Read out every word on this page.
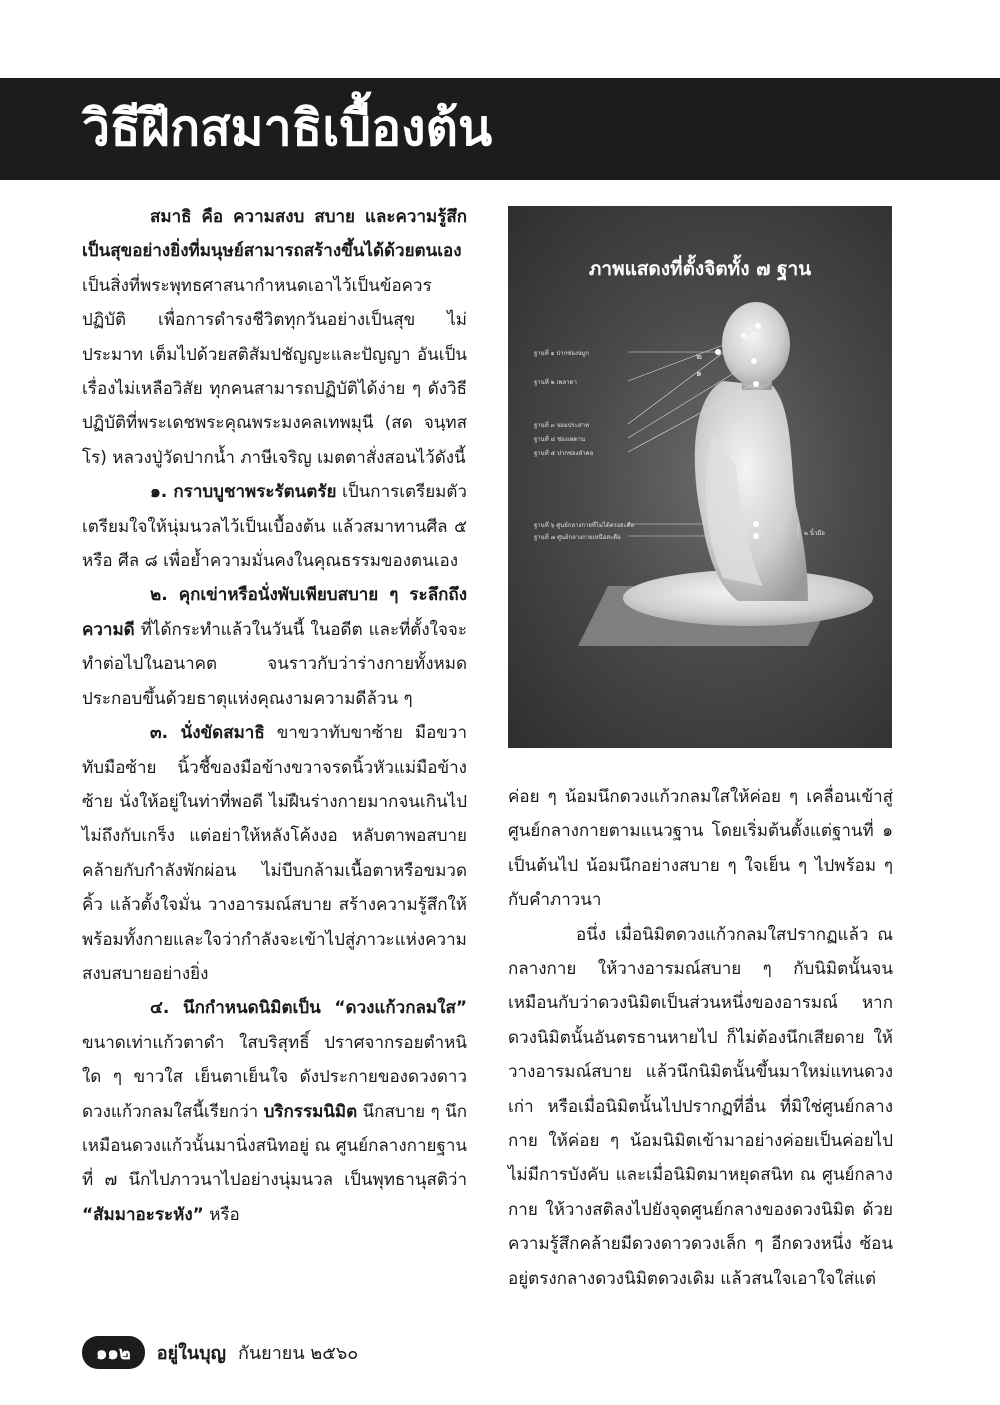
วิธีฝึกสมาธิเบื้องต้น

สมาธิ คือ ความสงบ สบาย และความรู้สึกเป็นสุขอย่างยิ่งที่มนุษย์สามารถสร้างขึ้นได้ด้วยตนเอง เป็นสิ่งที่พระพุทธศาสนากำหนดเอาไว้เป็นข้อควรปฏิบัติ เพื่อการดำรงชีวิตทุกวันอย่างเป็นสุข ไม่ประมาท เต็มไปด้วยสติสัมปชัญญะและปัญญา อันเป็นเรื่องไม่เหลือวิสัย ทุกคนสามารถปฏิบัติได้ง่าย ๆ ดังวิธีปฏิบัติที่พระเดชพระคุณพระมงคลเทพมุนี (สด จนฺทสโร) หลวงปู่วัดปากน้ำ ภาษีเจริญ เมตตาสั่งสอนไว้ดังนี้

๑. กราบบูชาพระรัตนตรัย เป็นการเตรียมตัวเตรียมใจให้นุ่มนวลไว้เป็นเบื้องต้น แล้วสมาทานศีล ๕ หรือ ศีล ๘ เพื่อย้ำความมั่นคงในคุณธรรมของตนเอง

๒. คุกเข่าหรือนั่งพับเพียบสบาย ๆ ระลึกถึงความดี ที่ได้กระทำแล้วในวันนี้ ในอดีต และที่ตั้งใจจะทำต่อไปในอนาคต จนราวกับว่าร่างกายทั้งหมดประกอบขึ้นด้วยธาตุแห่งคุณงามความดีล้วน ๆ

๓. นั่งขัดสมาธิ ขาขวาทับขาซ้าย มือขวาทับมือซ้าย นิ้วชี้ของมือข้างขวาจรดนิ้วหัวแม่มือข้างซ้าย นั่งให้อยู่ในท่าที่พอดี ไม่ฝืนร่างกายมากจนเกินไป ไม่ถึงกับเกร็ง แต่อย่าให้หลังโค้งงอ หลับตาพอสบายคล้ายกับกำลังพักผ่อน ไม่บีบกล้ามเนื้อตาหรือขมวดคิ้ว แล้วตั้งใจมั่น วางอารมณ์สบาย สร้างความรู้สึกให้พร้อมทั้งกายและใจว่ากำลังจะเข้าไปสู่ภาวะแห่งความสงบสบายอย่างยิ่ง

๔. นึกกำหนดนิมิตเป็น “ดวงแก้วกลมใส” ขนาดเท่าแก้วตาดำ ใสบริสุทธิ์ ปราศจากรอยตำหนิใด ๆ ขาวใส เย็นตาเย็นใจ ดังประกายของดวงดาว ดวงแก้วกลมใสนี้เรียกว่า บริกรรมนิมิต นึกสบาย ๆ นึกเหมือนดวงแก้วนั้นมานิ่งสนิทอยู่ ณ ศูนย์กลางกายฐานที่ ๗ นึกไปภาวนาไปอย่างนุ่มนวล เป็นพุทธานุสติว่า “สัมมาอะระหัง” หรือ

ภาพแสดงที่ตั้งจิตทั้ง ๗ ฐาน
ฐานที่ ๑ ปากช่องจมูก
ฐานที่ ๒ เพลาตา
ฐานที่ ๓ จอมประสาท
ฐานที่ ๔ ช่องเพดาน
ฐานที่ ๕ ปากช่องลำคอ
ฐานที่ ๖ ศูนย์กลางกายที่ไม่ได้ตรงสะดือ
ฐานที่ ๗ ศูนย์กลางกายเหนือสะดือ
๒ นิ้วมือ
๒
๑

ค่อย ๆ น้อมนึกดวงแก้วกลมใสให้ค่อย ๆ เคลื่อนเข้าสู่ศูนย์กลางกายตามแนวฐาน โดยเริ่มต้นตั้งแต่ฐานที่ ๑ เป็นต้นไป น้อมนึกอย่างสบาย ๆ ใจเย็น ๆ ไปพร้อม ๆ กับคำภาวนา

อนึ่ง เมื่อนิมิตดวงแก้วกลมใสปรากฏแล้ว ณ กลางกาย ให้วางอารมณ์สบาย ๆ กับนิมิตนั้นจนเหมือนกับว่าดวงนิมิตเป็นส่วนหนึ่งของอารมณ์ หากดวงนิมิตนั้นอันตรธานหายไป ก็ไม่ต้องนึกเสียดาย ให้วางอารมณ์สบาย แล้วนึกนิมิตนั้นขึ้นมาใหม่แทนดวงเก่า หรือเมื่อนิมิตนั้นไปปรากฏที่อื่น ที่มิใช่ศูนย์กลางกาย ให้ค่อย ๆ น้อมนิมิตเข้ามาอย่างค่อยเป็นค่อยไป ไม่มีการบังคับ และเมื่อนิมิตมาหยุดสนิท ณ ศูนย์กลางกาย ให้วางสติลงไปยังจุดศูนย์กลางของดวงนิมิต ด้วยความรู้สึกคล้ายมีดวงดาวดวงเล็ก ๆ อีกดวงหนึ่ง ซ้อนอยู่ตรงกลางดวงนิมิตดวงเดิม แล้วสนใจเอาใจใส่แต่

๑๑๒	อยู่ในบุญ กันยายน ๒๕๖๐
